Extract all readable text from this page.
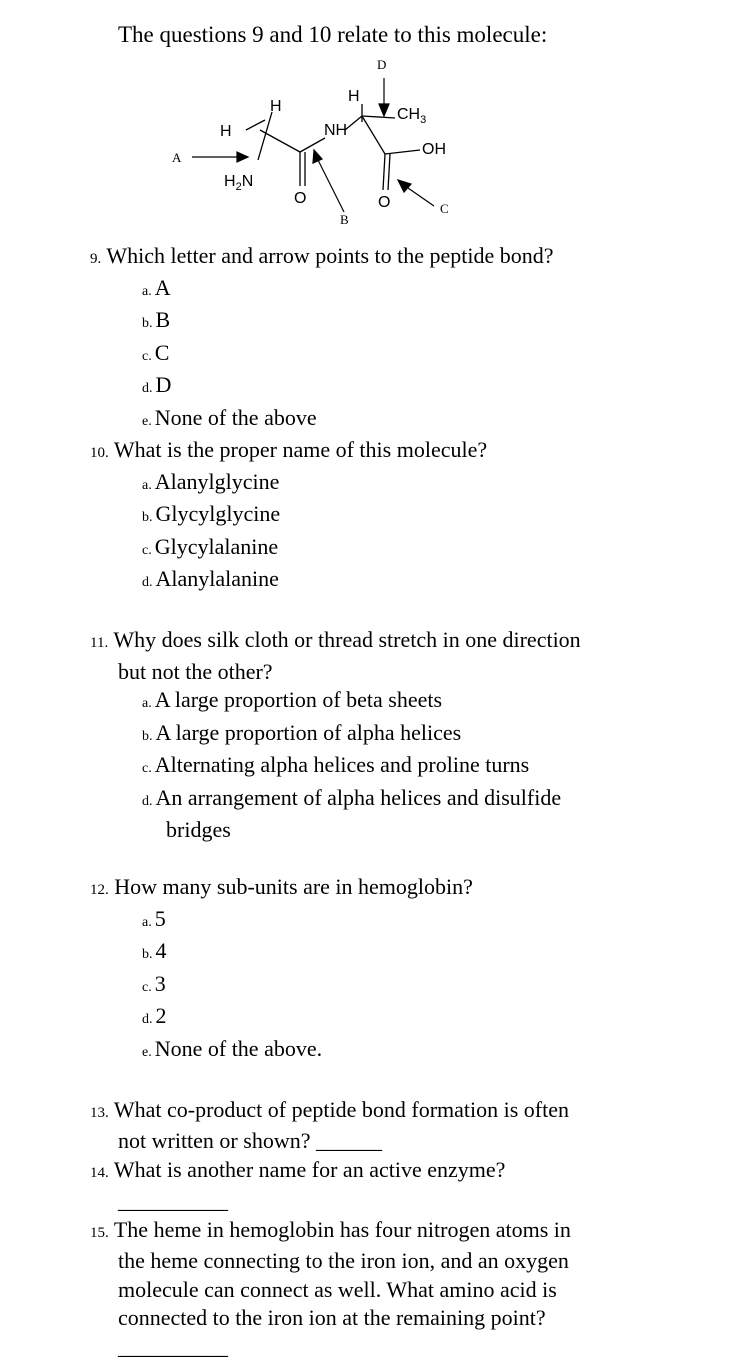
The questions 9 and 10 relate to this molecule:
H
H
H
NH
$CH_3$
OH
$H_2N$
O	O
A
B
C
D
9. Which letter and arrow points to the peptide bond?
a. A
b. B
c. C
d. D
e. None of the above
10. What is the proper name of this molecule?
a. Alanylglycine
b. Glycylglycine
c. Glycylalanine
d. Alanylalanine
11. Why does silk cloth or thread stretch in one direction
but not the other?
a. A large proportion of beta sheets
b. A large proportion of alpha helices
c. Alternating alpha helices and proline turns
d. An arrangement of alpha helices and disulfide
bridges
12. How many sub-units are in hemoglobin?
a. 5
b. 4
c. 3
d. 2
e. None of the above.
13. What co-product of peptide bond formation is often
not written or shown? ______
14. What is another name for an active enzyme?
__________
15. The heme in hemoglobin has four nitrogen atoms in
the heme connecting to the iron ion, and an oxygen
molecule can connect as well. What amino acid is
connected to the iron ion at the remaining point?
__________
